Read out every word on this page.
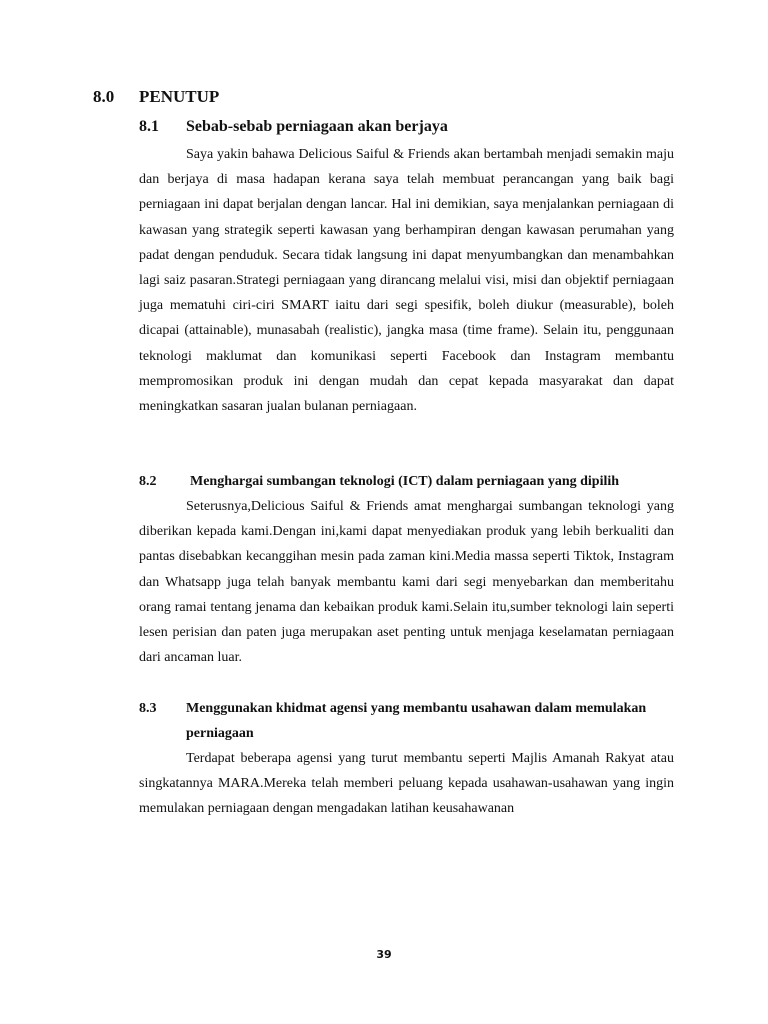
8.0 PENUTUP
8.1	Sebab-sebab perniagaan akan berjaya

Saya yakin bahawa Delicious Saiful & Friends akan bertambah menjadi semakin maju dan berjaya di masa hadapan kerana saya telah membuat perancangan yang baik bagi perniagaan ini dapat berjalan dengan lancar. Hal ini demikian, saya menjalankan perniagaan di kawasan yang strategik seperti kawasan yang berhampiran dengan kawasan perumahan yang padat dengan penduduk. Secara tidak langsung ini dapat menyumbangkan dan menambahkan lagi saiz pasaran.Strategi perniagaan yang dirancang melalui visi, misi dan objektif perniagaan juga mematuhi ciri-ciri SMART iaitu dari segi spesifik, boleh diukur (measurable), boleh dicapai (attainable), munasabah (realistic), jangka masa (time frame). Selain itu, penggunaan teknologi maklumat dan komunikasi seperti Facebook dan Instagram membantu mempromosikan produk ini dengan mudah dan cepat kepada masyarakat dan dapat meningkatkan sasaran jualan bulanan perniagaan.

8.2	Menghargai sumbangan teknologi (ICT) dalam perniagaan yang dipilih

Seterusnya,Delicious Saiful & Friends amat menghargai sumbangan teknologi yang diberikan kepada kami.Dengan ini,kami dapat menyediakan produk yang lebih berkualiti dan pantas disebabkan kecanggihan mesin pada zaman kini.Media massa seperti Tiktok, Instagram dan Whatsapp juga telah banyak membantu kami dari segi menyebarkan dan memberitahu orang ramai tentang jenama dan kebaikan produk kami.Selain itu,sumber teknologi lain seperti lesen perisian dan paten juga merupakan aset penting untuk menjaga keselamatan perniagaan dari ancaman luar.

8.3	Menggunakan khidmat agensi yang membantu usahawan dalam memulakan perniagaan

Terdapat beberapa agensi yang turut membantu seperti Majlis Amanah Rakyat atau singkatannya MARA.Mereka telah memberi peluang kepada usahawan-usahawan yang ingin memulakan perniagaan dengan mengadakan latihan keusahawanan

39
